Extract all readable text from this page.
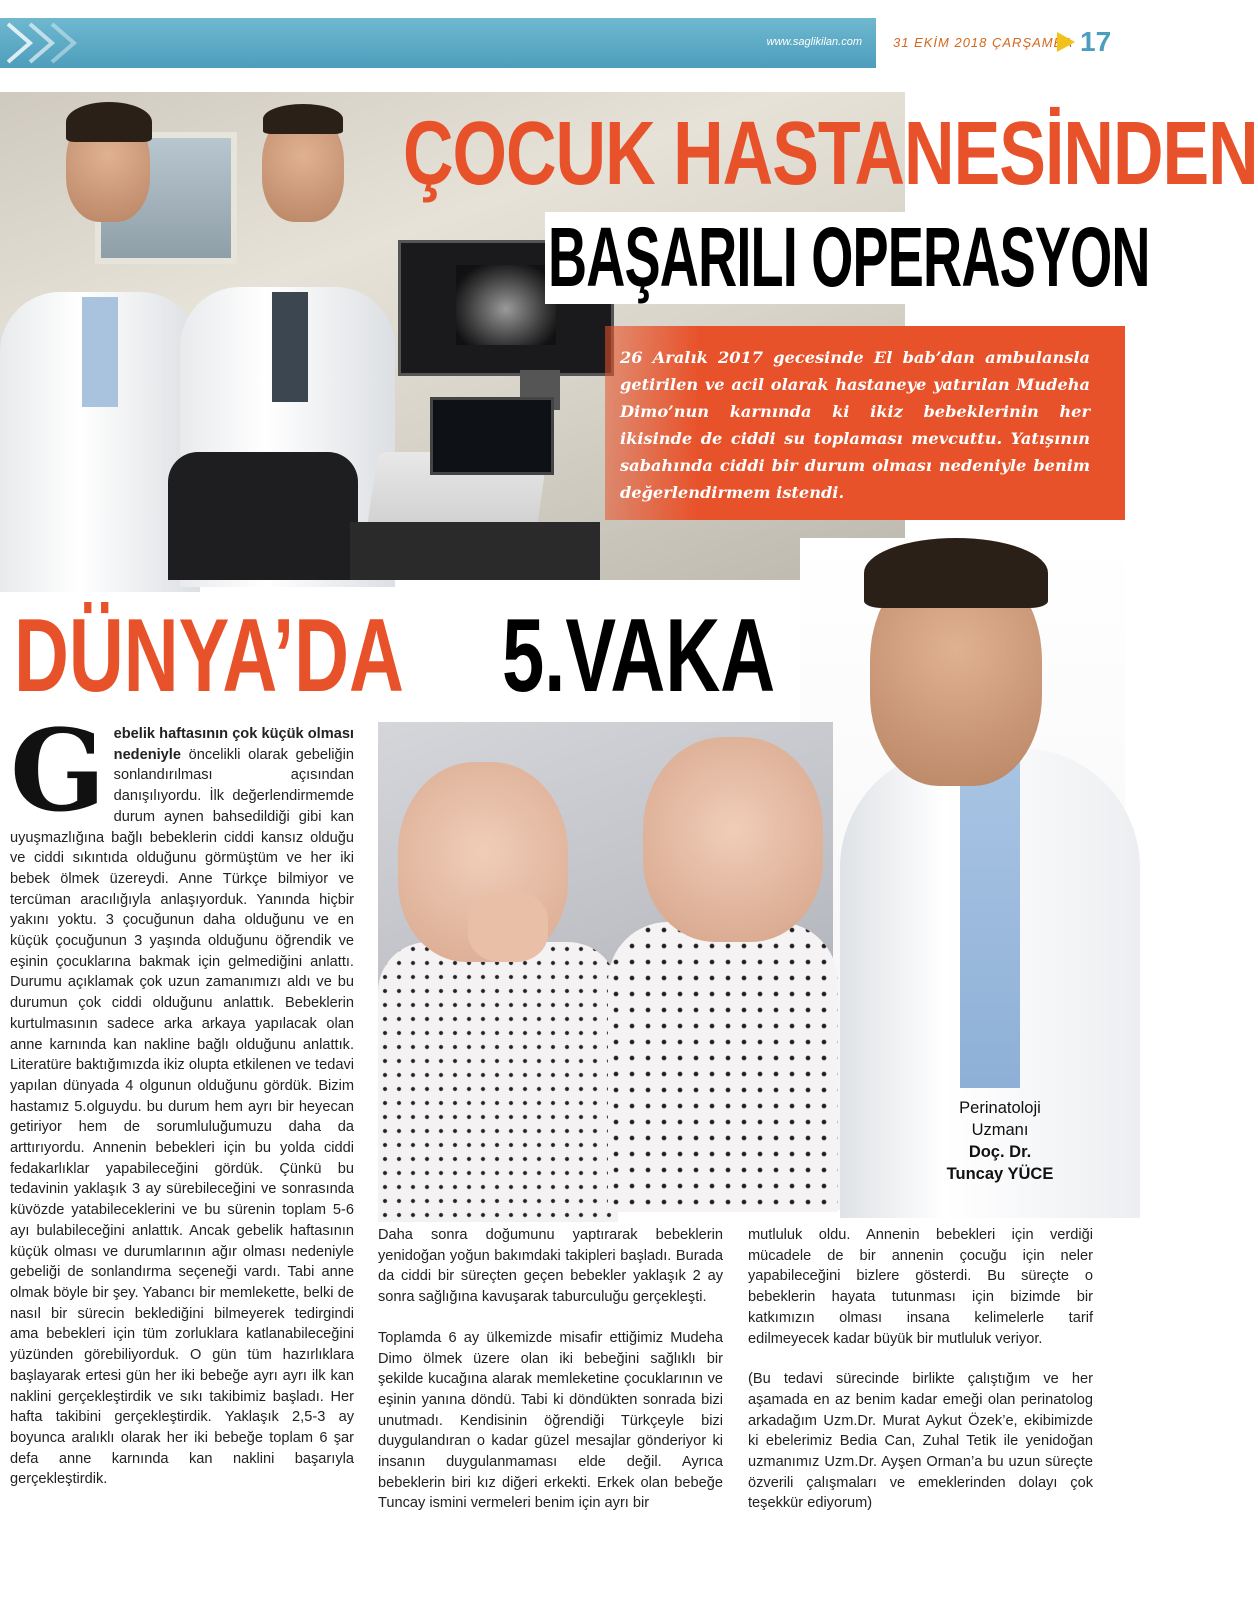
www.saglikilan.com 31 EKİM 2018 ÇARŞAMBA 17
ÇOCUK HASTANESİNDEN
BAŞARILI OPERASYON
26 Aralık 2017 gecesinde El bab’dan ambulansla getirilen ve acil olarak hastaneye yatırılan Mudeha Dimo’nun karnında ki ikiz bebeklerinin her ikisinde de ciddi su toplaması mevcuttu. Yatışının sabahında ciddi bir durum olması nedeniyle benim değerlendirmem istendi.
Perinatoloji
Uzmanı
Doç. Dr.
Tuncay YÜCE
DÜNYA’DA 5.VAKA
Gebelik haftasının çok küçük olması nedeniyle öncelikli olarak gebeliğin sonlandırılması açısından danışılıyordu. İlk değerlendirmemde durum aynen bahsedildiği gibi kan uyuşmazlığına bağlı bebeklerin ciddi kansız olduğu ve ciddi sıkıntıda olduğunu görmüştüm ve her iki bebek ölmek üzereydi. Anne Türkçe bilmiyor ve tercüman aracılığıyla anlaşıyorduk. Yanında hiçbir yakını yoktu. 3 çocuğunun daha olduğunu ve en küçük çocuğunun 3 yaşında olduğunu öğrendik ve eşinin çocuklarına bakmak için gelmediğini anlattı. Durumu açıklamak çok uzun zamanımızı aldı ve bu durumun çok ciddi olduğunu anlattık. Bebeklerin kurtulmasının sadece arka arkaya yapılacak olan anne karnında kan nakline bağlı olduğunu anlattık. Literatüre baktığımızda ikiz olupta etkilenen ve tedavi yapılan dünyada 4 olgunun olduğunu gördük. Bizim hastamız 5.olguydu. bu durum hem ayrı bir heyecan getiriyor hem de sorumluluğumuzu daha da arttırıyordu. Annenin bebekleri için bu yolda ciddi fedakarlıklar yapabileceğini gördük. Çünkü bu tedavinin yaklaşık 3 ay sürebileceğini ve sonrasında küvözde yatabileceklerini ve bu sürenin toplam 5-6 ayı bulabileceğini anlattık. Ancak gebelik haftasının küçük olması ve durumlarının ağır olması nedeniyle gebeliği de sonlandırma seçeneği vardı. Tabi anne olmak böyle bir şey. Yabancı bir memlekette, belki de nasıl bir sürecin beklediğini bilmeyerek tedirgindi ama bebekleri için tüm zorluklara katlanabileceğini yüzünden görebiliyorduk. O gün tüm hazırlıklara başlayarak ertesi gün her iki bebeğe ayrı ayrı ilk kan naklini gerçekleştirdik ve sıkı takibimiz başladı. Her hafta takibini gerçekleştirdik. Yaklaşık 2,5-3 ay boyunca aralıklı olarak her iki bebeğe toplam 6 şar defa anne karnında kan naklini başarıyla gerçekleştirdik.

Daha sonra doğumunu yaptırarak bebeklerin yenidoğan yoğun bakımdaki takipleri başladı. Burada da ciddi bir süreçten geçen bebekler yaklaşık 2 ay sonra sağlığına kavuşarak taburculuğu gerçekleşti.

Toplamda 6 ay ülkemizde misafir ettiğimiz Mudeha Dimo ölmek üzere olan iki bebeğini sağlıklı bir şekilde kucağına alarak memleketine çocuklarının ve eşinin yanına döndü. Tabi ki döndükten sonrada bizi unutmadı. Kendisinin öğrendiği Türkçeyle bizi duygulandıran o kadar güzel mesajlar gönderiyor ki insanın duygulanmaması elde değil. Ayrıca bebeklerin biri kız diğeri erkekti. Erkek olan bebeğe Tuncay ismini vermeleri benim için ayrı bir

mutluluk oldu. Annenin bebekleri için verdiği mücadele de bir annenin çocuğu için neler yapabileceğini bizlere gösterdi. Bu süreçte o bebeklerin hayata tutunması için bizimde bir katkımızın olması insana kelimelerle tarif edilmeyecek kadar büyük bir mutluluk veriyor.

(Bu tedavi sürecinde birlikte çalıştığım ve her aşamada en az benim kadar emeği olan perinatolog arkadağım Uzm.Dr. Murat Aykut Özek’e, ekibimizde ki ebelerimiz Bedia Can, Zuhal Tetik ile yenidoğan uzmanımız Uzm.Dr. Ayşen Orman’a bu uzun süreçte özverili çalışmaları ve emeklerinden dolayı çok teşekkür ediyorum)
